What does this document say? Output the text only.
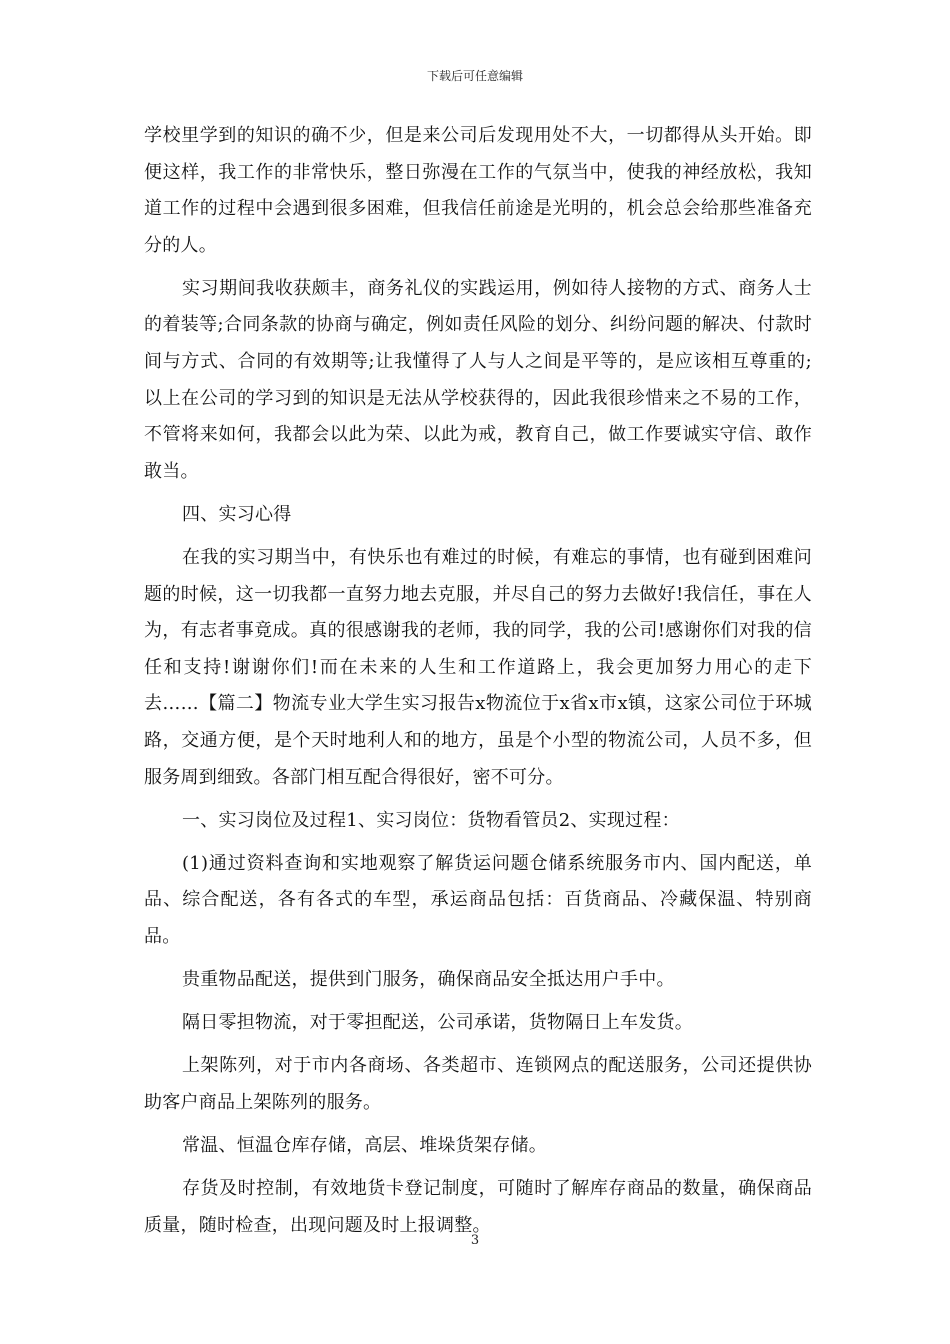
下载后可任意编辑

学校里学到的知识的确不少，但是来公司后发现用处不大，一切都得从头开始。即便这样，我工作的非常快乐，整日弥漫在工作的气氛当中，使我的神经放松，我知道工作的过程中会遇到很多困难，但我信任前途是光明的，机会总会给那些准备充分的人。

实习期间我收获颇丰，商务礼仪的实践运用，例如待人接物的方式、商务人士的着装等;合同条款的协商与确定，例如责任风险的划分、纠纷问题的解决、付款时间与方式、合同的有效期等;让我懂得了人与人之间是平等的，是应该相互尊重的;以上在公司的学习到的知识是无法从学校获得的，因此我很珍惜来之不易的工作，不管将来如何，我都会以此为荣、以此为戒，教育自己，做工作要诚实守信、敢作敢当。

四、实习心得

在我的实习期当中，有快乐也有难过的时候，有难忘的事情，也有碰到困难问题的时候，这一切我都一直努力地去克服，并尽自己的努力去做好!我信任，事在人为，有志者事竟成。真的很感谢我的老师，我的同学，我的公司!感谢你们对我的信任和支持!谢谢你们!而在未来的人生和工作道路上，我会更加努力用心的走下去……【篇二】物流专业大学生实习报告x物流位于x省x市x镇，这家公司位于环城路，交通方便，是个天时地利人和的地方，虽是个小型的物流公司，人员不多，但服务周到细致。各部门相互配合得很好，密不可分。

一、实习岗位及过程1、实习岗位：货物看管员2、实现过程：

(1)通过资料查询和实地观察了解货运问题仓储系统服务市内、国内配送，单品、综合配送，各有各式的车型，承运商品包括：百货商品、冷藏保温、特别商品。

贵重物品配送，提供到门服务，确保商品安全抵达用户手中。

隔日零担物流，对于零担配送，公司承诺，货物隔日上车发货。

上架陈列，对于市内各商场、各类超市、连锁网点的配送服务，公司还提供协助客户商品上架陈列的服务。

常温、恒温仓库存储，高层、堆垛货架存储。

存货及时控制，有效地货卡登记制度，可随时了解库存商品的数量，确保商品质量，随时检查，出现问题及时上报调整。

3
